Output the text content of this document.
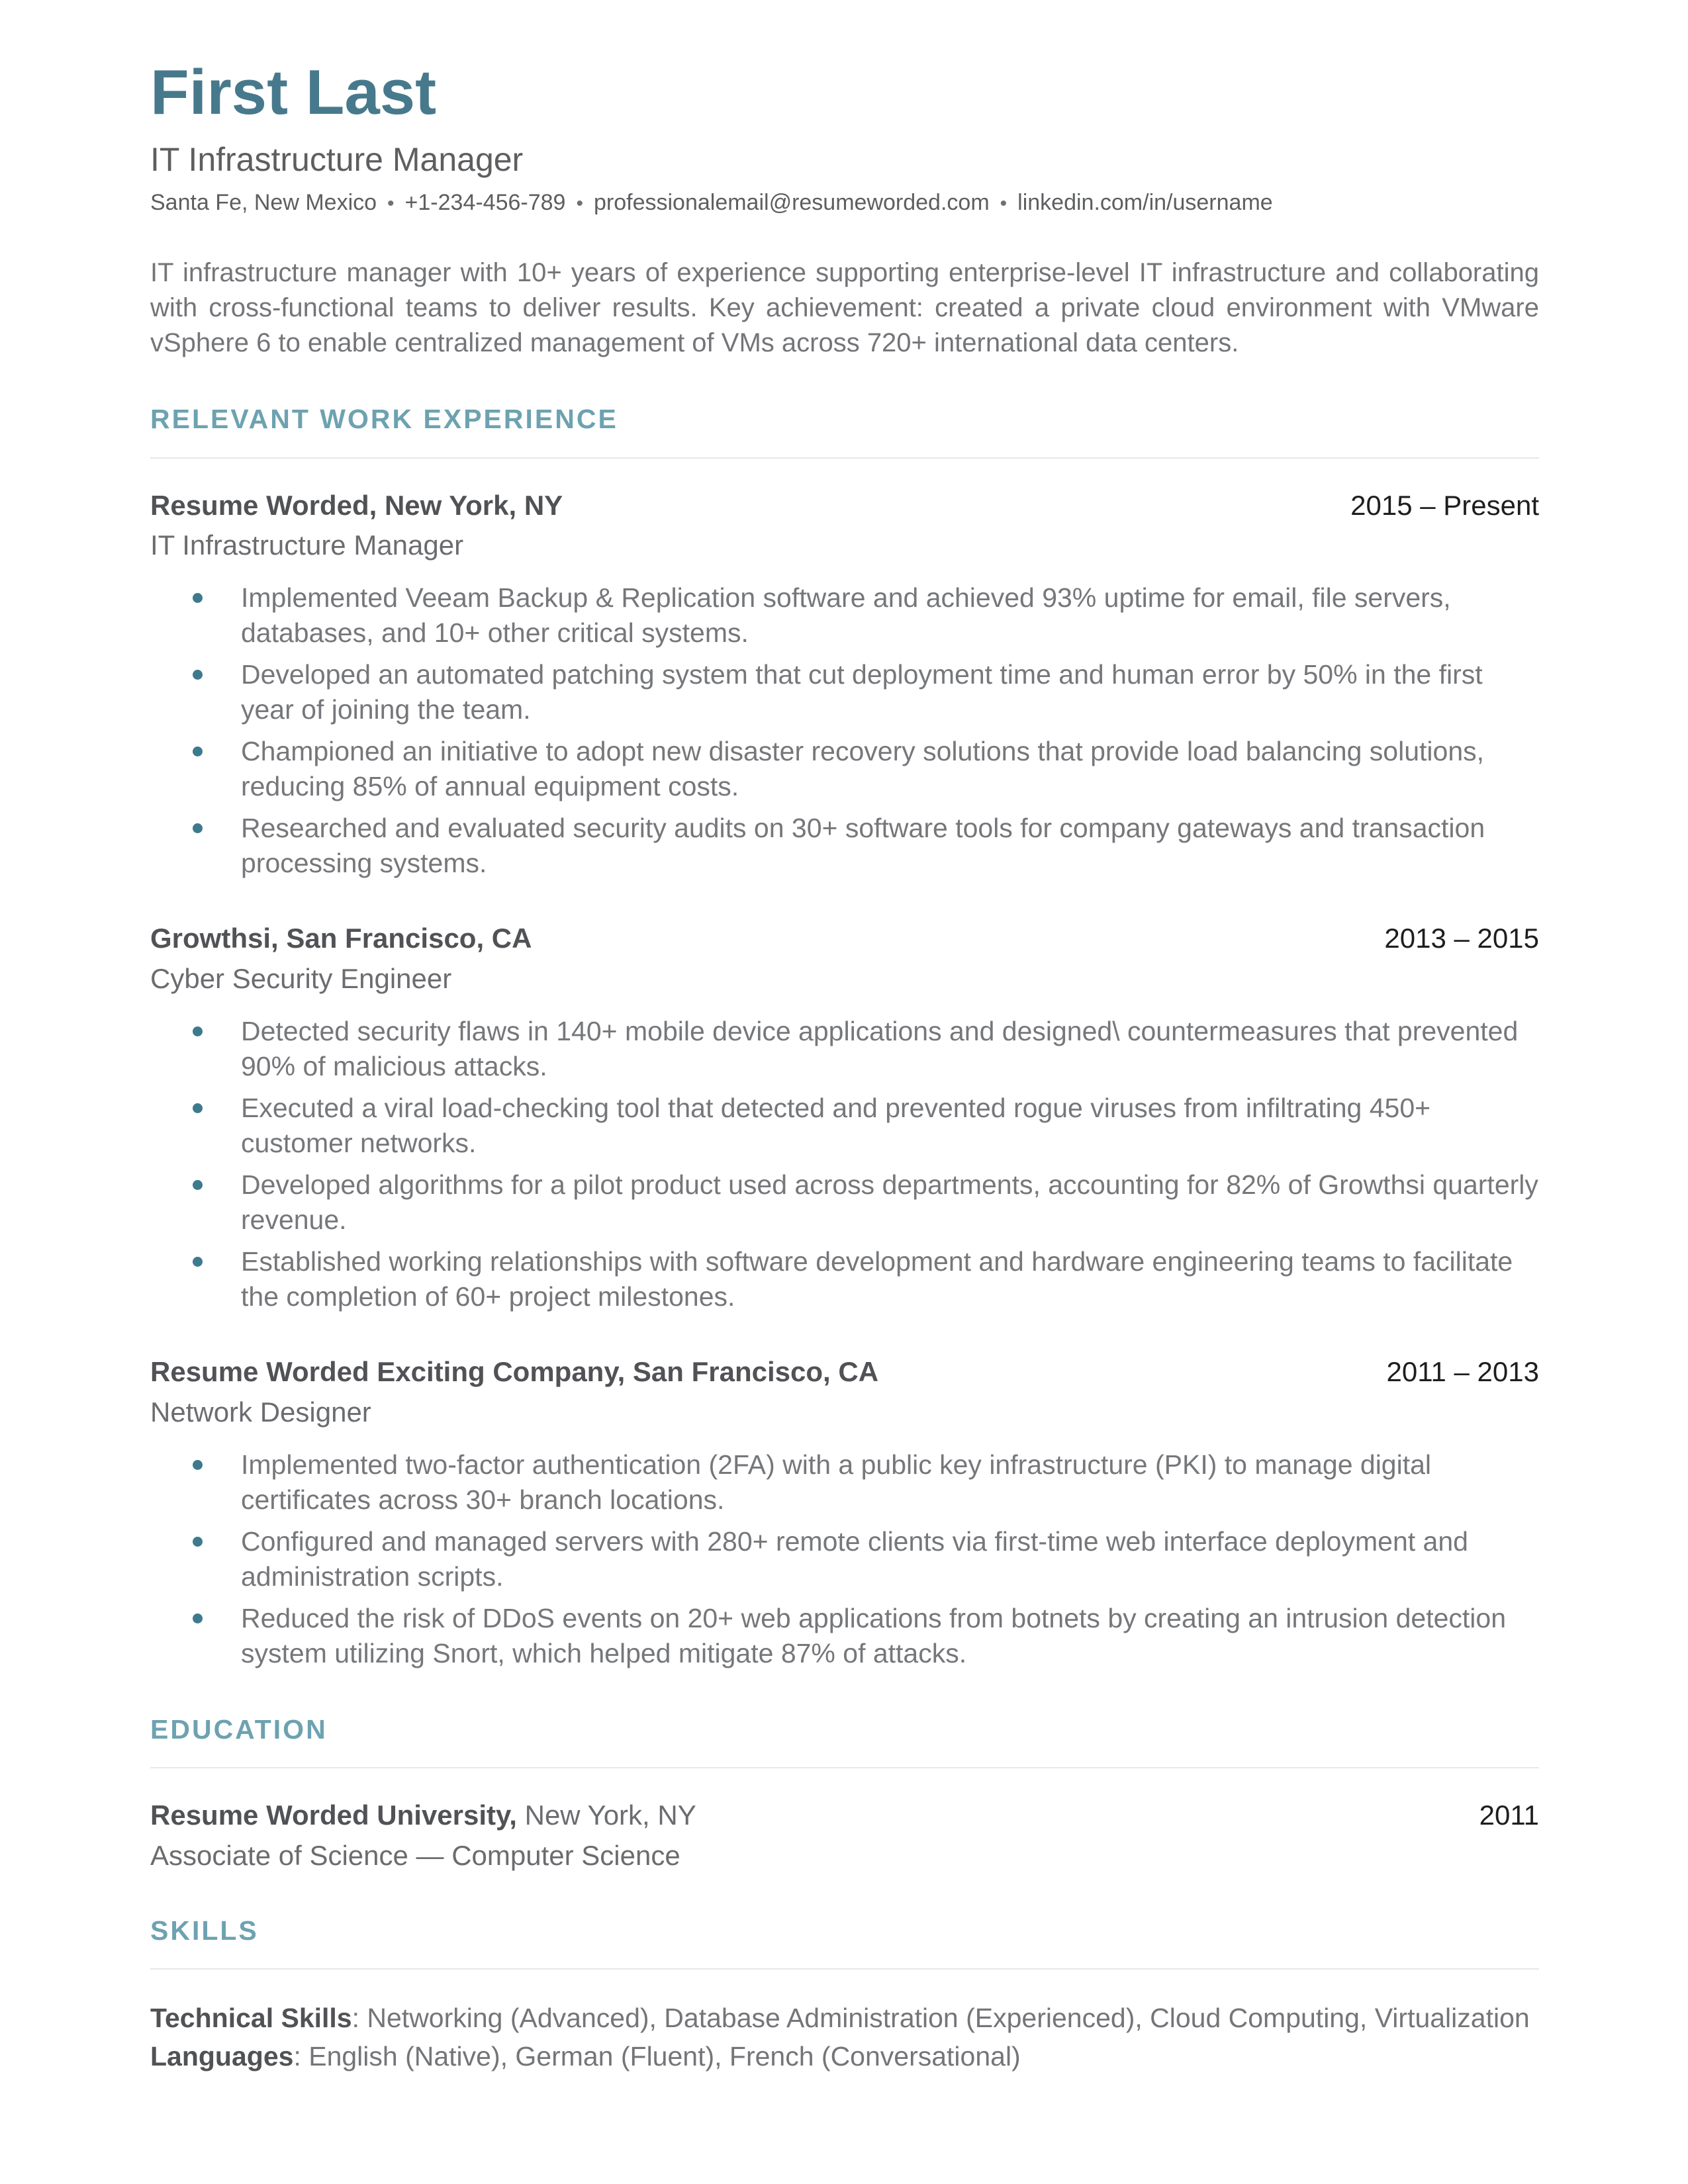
First Last
IT Infrastructure Manager
Santa Fe, New Mexico • +1-234-456-789 • professionalemail@resumeworded.com • linkedin.com/in/username

IT infrastructure manager with 10+ years of experience supporting enterprise-level IT infrastructure and collaborating with cross-functional teams to deliver results. Key achievement: created a private cloud environment with VMware vSphere 6 to enable centralized management of VMs across 720+ international data centers.

RELEVANT WORK EXPERIENCE
Resume Worded, New York, NY	2015 – Present
IT Infrastructure Manager
Implemented Veeam Backup & Replication software and achieved 93% uptime for email, file servers, databases, and 10+ other critical systems.
Developed an automated patching system that cut deployment time and human error by 50% in the first year of joining the team.
Championed an initiative to adopt new disaster recovery solutions that provide load balancing solutions, reducing 85% of annual equipment costs.
Researched and evaluated security audits on 30+ software tools for company gateways and transaction processing systems.
Growthsi, San Francisco, CA	2013 – 2015
Cyber Security Engineer
Detected security flaws in 140+ mobile device applications and designed\ countermeasures that prevented 90% of malicious attacks.
Executed a viral load-checking tool that detected and prevented rogue viruses from infiltrating 450+ customer networks.
Developed algorithms for a pilot product used across departments, accounting for 82% of Growthsi quarterly revenue.
Established working relationships with software development and hardware engineering teams to facilitate the completion of 60+ project milestones.
Resume Worded Exciting Company, San Francisco, CA	2011 – 2013
Network Designer
Implemented two-factor authentication (2FA) with a public key infrastructure (PKI) to manage digital certificates across 30+ branch locations.
Configured and managed servers with 280+ remote clients via first-time web interface deployment and administration scripts.
Reduced the risk of DDoS events on 20+ web applications from botnets by creating an intrusion detection system utilizing Snort, which helped mitigate 87% of attacks.
EDUCATION
Resume Worded University, New York, NY	2011
Associate of Science — Computer Science
SKILLS
Technical Skills: Networking (Advanced), Database Administration (Experienced), Cloud Computing, Virtualization
Languages: English (Native), German (Fluent), French (Conversational)
